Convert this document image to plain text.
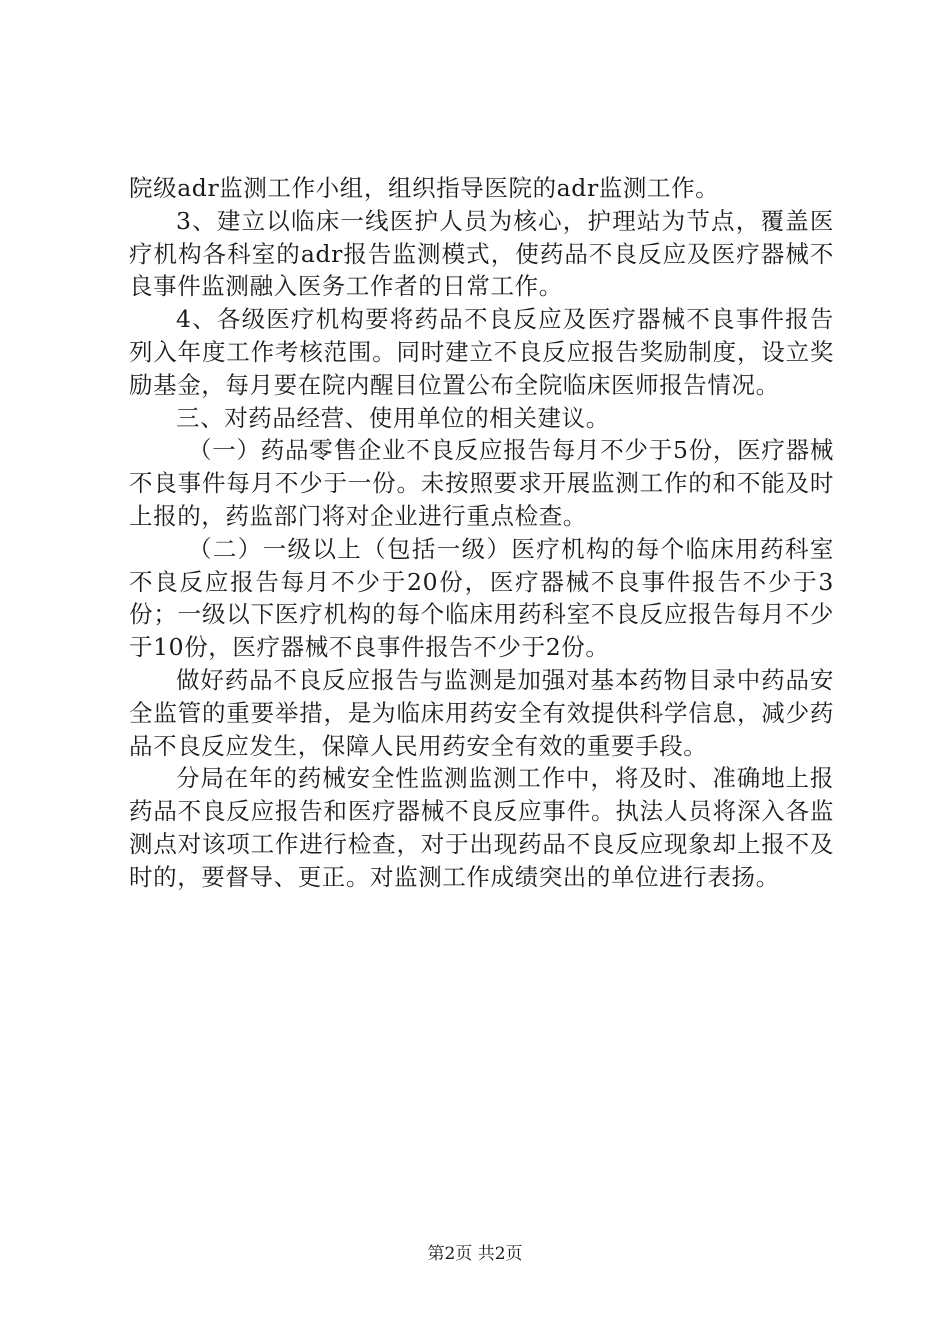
院级adr监测工作小组，组织指导医院的adr监测工作。

3、建立以临床一线医护人员为核心，护理站为节点，覆盖医疗机构各科室的adr报告监测模式，使药品不良反应及医疗器械不良事件监测融入医务工作者的日常工作。

4、各级医疗机构要将药品不良反应及医疗器械不良事件报告列入年度工作考核范围。同时建立不良反应报告奖励制度，设立奖励基金，每月要在院内醒目位置公布全院临床医师报告情况。

三、对药品经营、使用单位的相关建议。

（一）药品零售企业不良反应报告每月不少于5份，医疗器械不良事件每月不少于一份。未按照要求开展监测工作的和不能及时上报的，药监部门将对企业进行重点检查。

（二）一级以上（包括一级）医疗机构的每个临床用药科室不良反应报告每月不少于20份，医疗器械不良事件报告不少于3份；一级以下医疗机构的每个临床用药科室不良反应报告每月不少于10份，医疗器械不良事件报告不少于2份。

做好药品不良反应报告与监测是加强对基本药物目录中药品安全监管的重要举措，是为临床用药安全有效提供科学信息，减少药品不良反应发生，保障人民用药安全有效的重要手段。

分局在年的药械安全性监测监测工作中，将及时、准确地上报药品不良反应报告和医疗器械不良反应事件。执法人员将深入各监测点对该项工作进行检查，对于出现药品不良反应现象却上报不及时的，要督导、更正。对监测工作成绩突出的单位进行表扬。

第2页 共2页
